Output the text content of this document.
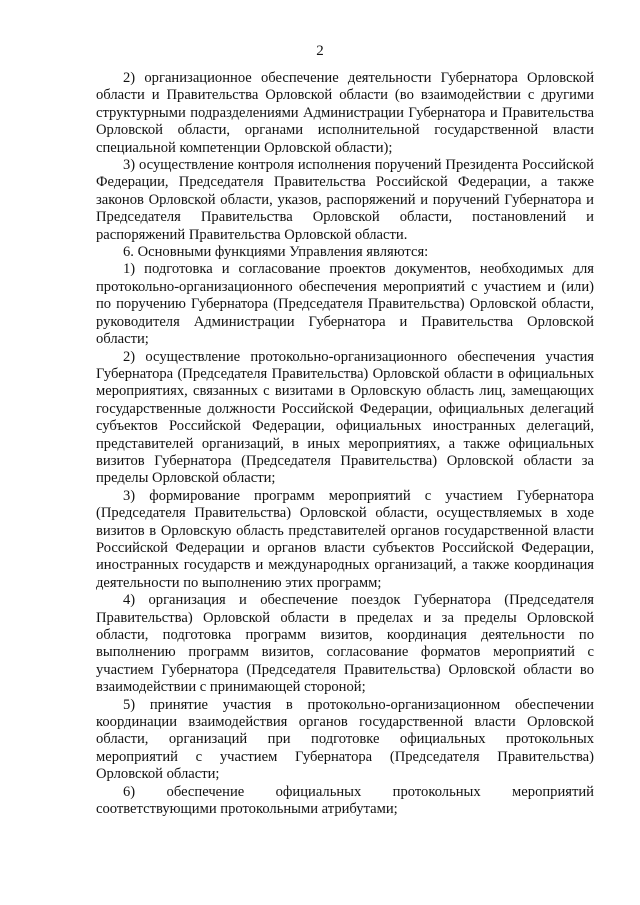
2

2) организационное обеспечение деятельности Губернатора Орловской области и Правительства Орловской области (во взаимодействии с другими структурными подразделениями Администрации Губернатора и Правительства Орловской области, органами исполнительной государственной власти специальной компетенции Орловской области);

3) осуществление контроля исполнения поручений Президента Российской Федерации, Председателя Правительства Российской Федерации, а также законов Орловской области, указов, распоряжений и поручений Губернатора и Председателя Правительства Орловской области, постановлений и распоряжений Правительства Орловской области.

6. Основными функциями Управления являются:

1) подготовка и согласование проектов документов, необходимых для протокольно-организационного обеспечения мероприятий с участием и (или) по поручению Губернатора (Председателя Правительства) Орловской области, руководителя Администрации Губернатора и Правительства Орловской области;

2) осуществление протокольно-организационного обеспечения участия Губернатора (Председателя Правительства) Орловской области в официальных мероприятиях, связанных с визитами в Орловскую область лиц, замещающих государственные должности Российской Федерации, официальных делегаций субъектов Российской Федерации, официальных иностранных делегаций, представителей организаций, в иных мероприятиях, а также официальных визитов Губернатора (Председателя Правительства) Орловской области за пределы Орловской области;

3) формирование программ мероприятий с участием Губернатора (Председателя Правительства) Орловской области, осуществляемых в ходе визитов в Орловскую область представителей органов государственной власти Российской Федерации и органов власти субъектов Российской Федерации, иностранных государств и международных организаций, а также координация деятельности по выполнению этих программ;

4) организация и обеспечение поездок Губернатора (Председателя Правительства) Орловской области в пределах и за пределы Орловской области, подготовка программ визитов, координация деятельности по выполнению программ визитов, согласование форматов мероприятий с участием Губернатора (Председателя Правительства) Орловской области во взаимодействии с принимающей стороной;

5) принятие участия в протокольно-организационном обеспечении координации взаимодействия органов государственной власти Орловской области, организаций при подготовке официальных протокольных мероприятий с участием Губернатора (Председателя Правительства) Орловской области;

6) обеспечение официальных протокольных мероприятий соответствующими протокольными атрибутами;
